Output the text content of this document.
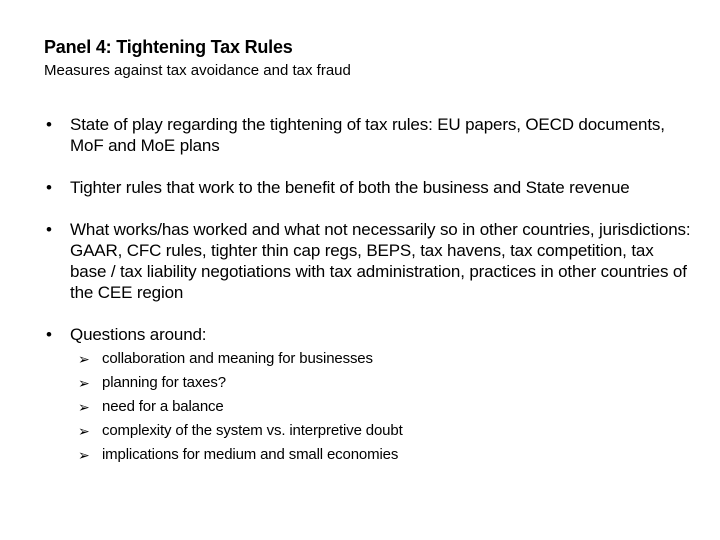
Panel 4: Tightening Tax Rules
Measures against tax avoidance and tax fraud
• State of play regarding the tightening of tax rules: EU papers, OECD documents, MoF and MoE plans
• Tighter rules that work to the benefit of both the business and State revenue
• What works/has worked and what not necessarily so in other countries, jurisdictions: GAAR, CFC rules, tighter thin cap regs, BEPS, tax havens, tax competition, tax base / tax liability negotiations with tax administration, practices in other countries of the CEE region
• Questions around:
➢ collaboration and meaning for businesses
➢ planning for taxes?
➢ need for a balance
➢ complexity of the system vs. interpretive doubt
➢ implications for medium and small economies
